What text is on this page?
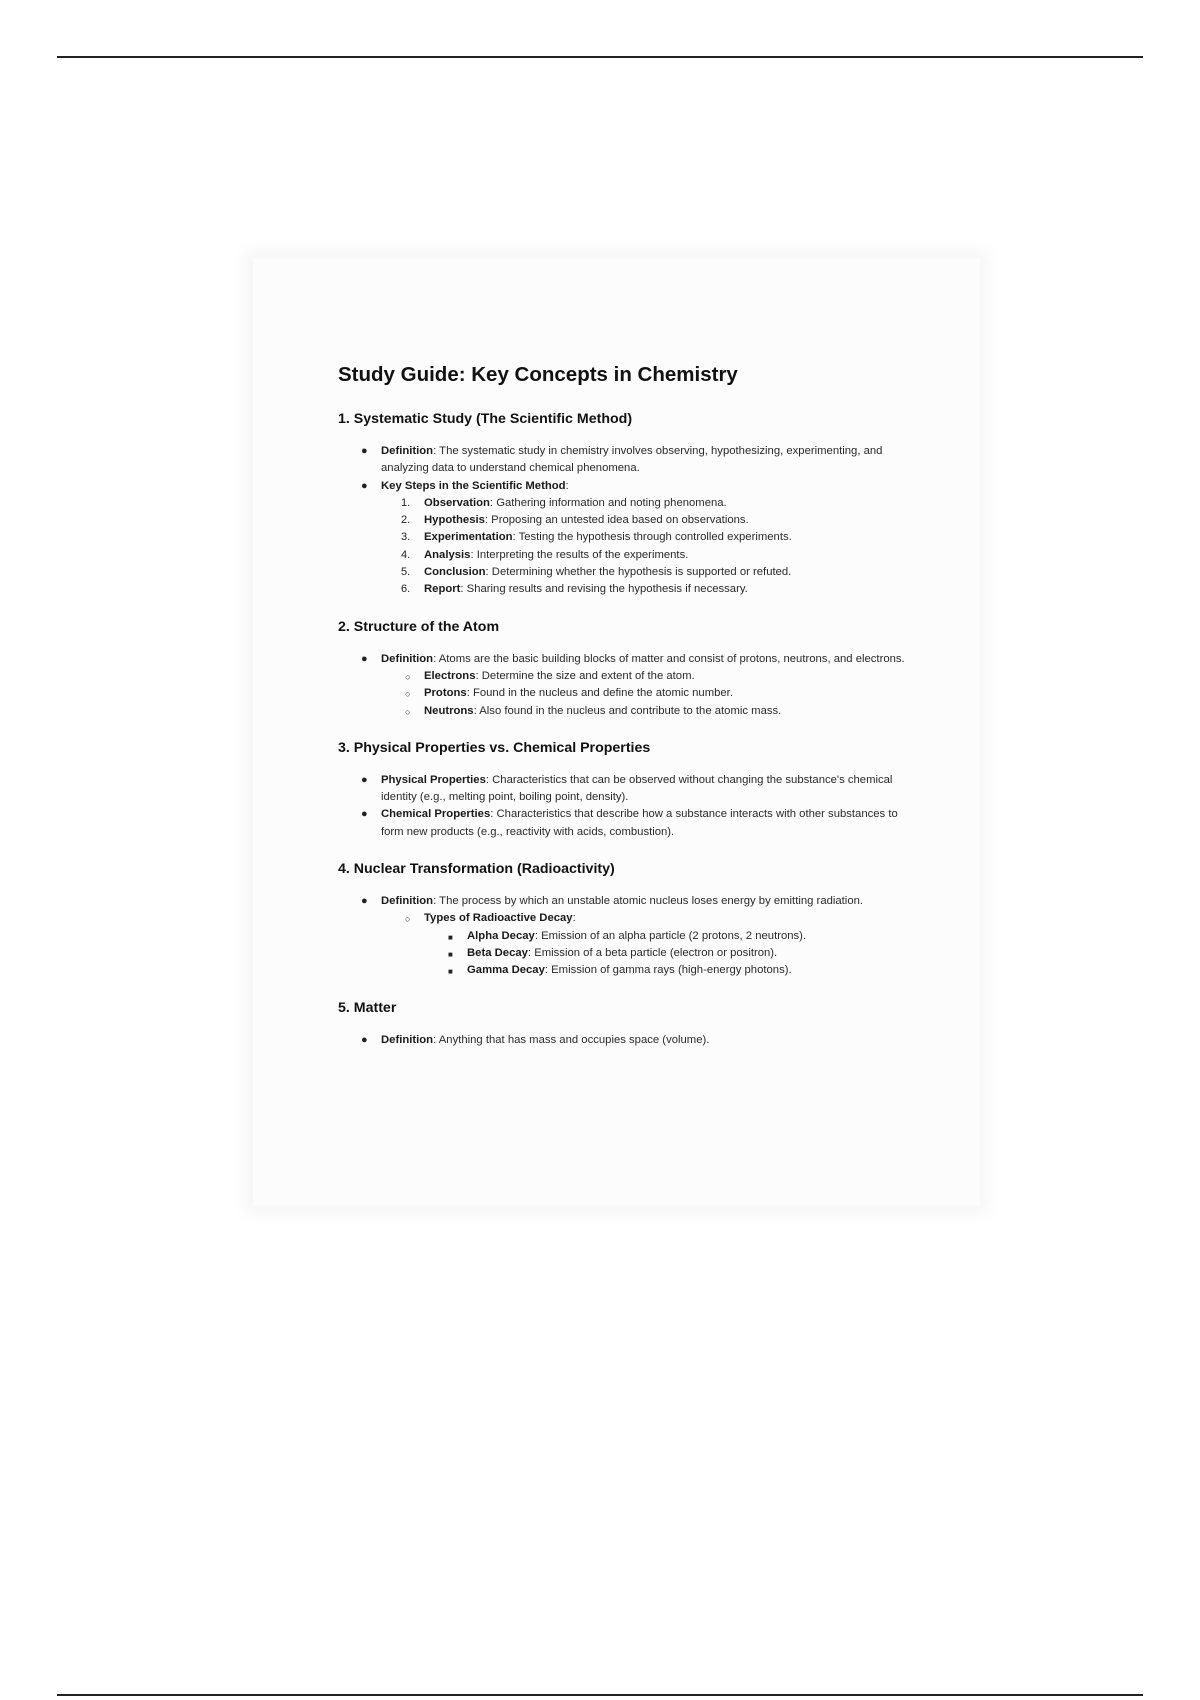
Study Guide: Key Concepts in Chemistry
1. Systematic Study (The Scientific Method)
● Definition: The systematic study in chemistry involves observing, hypothesizing, experimenting, and analyzing data to understand chemical phenomena.
● Key Steps in the Scientific Method:
1.	Observation: Gathering information and noting phenomena.
2.	Hypothesis: Proposing an untested idea based on observations.
3.	Experimentation: Testing the hypothesis through controlled experiments.
4.	Analysis: Interpreting the results of the experiments.
5.	Conclusion: Determining whether the hypothesis is supported or refuted.
6.	Report: Sharing results and revising the hypothesis if necessary.
2. Structure of the Atom
● Definition: Atoms are the basic building blocks of matter and consist of protons, neutrons, and electrons.
○	Electrons: Determine the size and extent of the atom.
○	Protons: Found in the nucleus and define the atomic number.
○	Neutrons: Also found in the nucleus and contribute to the atomic mass.
3. Physical Properties vs. Chemical Properties
● Physical Properties: Characteristics that can be observed without changing the substance's chemical identity (e.g., melting point, boiling point, density).
● Chemical Properties: Characteristics that describe how a substance interacts with other substances to form new products (e.g., reactivity with acids, combustion).
4. Nuclear Transformation (Radioactivity)
● Definition: The process by which an unstable atomic nucleus loses energy by emitting radiation.
○	Types of Radioactive Decay:
■ Alpha Decay: Emission of an alpha particle (2 protons, 2 neutrons).
■ Beta Decay: Emission of a beta particle (electron or positron).
■ Gamma Decay: Emission of gamma rays (high-energy photons).
5. Matter
● Definition: Anything that has mass and occupies space (volume).
